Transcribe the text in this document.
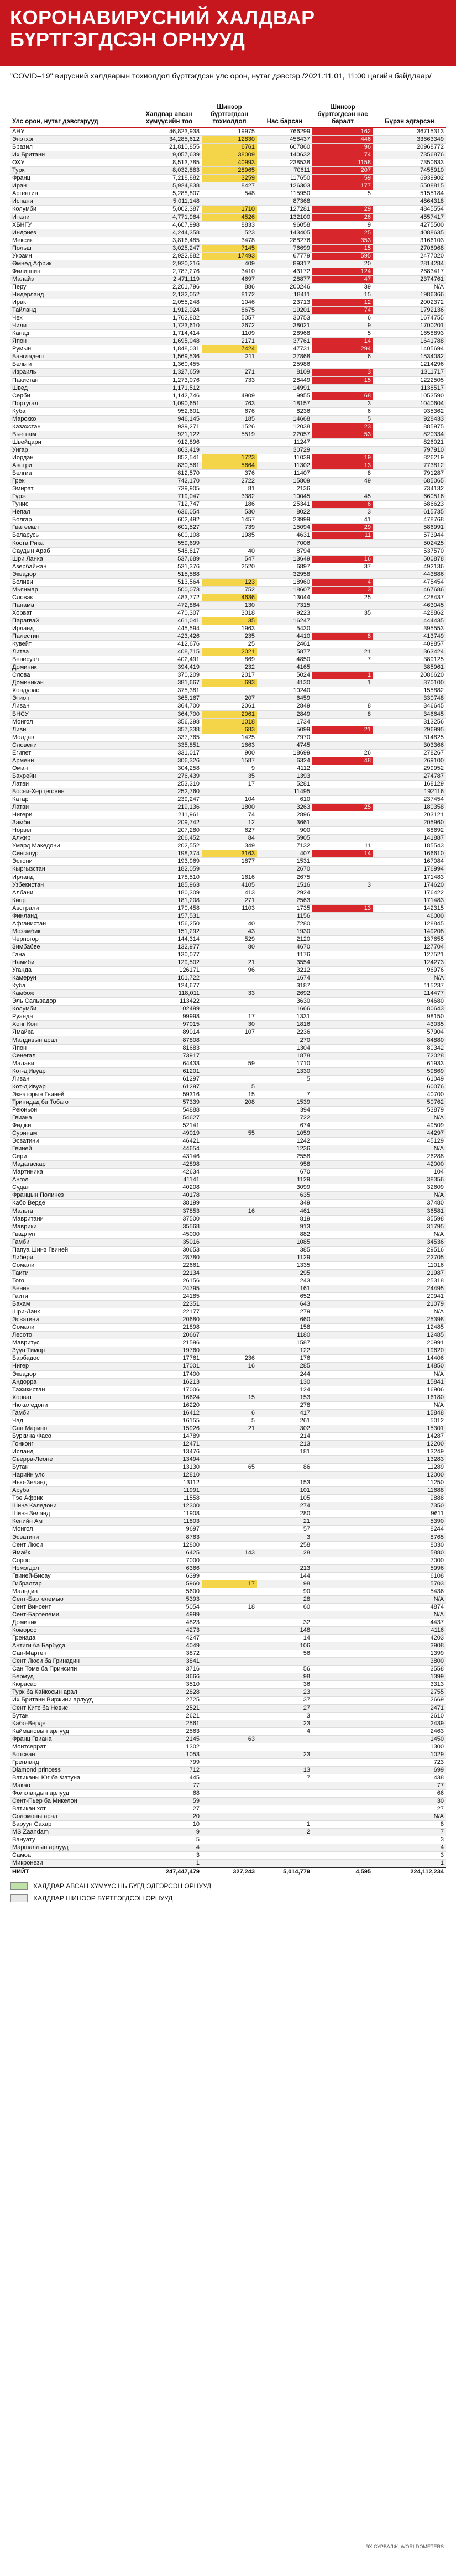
КОРОНАВИРУСНИЙ ХАЛДВАР
БҮРТГЭГДСЭН ОРНУУД
"COVID–19" вирусний халдварын тохиолдол бүртгэгдсэн улс орон, нутаг дэвсгэр /2021.11.01, 11:00 цагийн байдлаар/
Улс орон, нутаг дэвсгэрууд	Халдвар авсан хүмүүсийн тоо	Шинээр бүртгэгдсэн тохиолдол	Нас барсан	Шинээр бүртгэгдсэн нас баралт	Бүрэн эдгэрсэн
АНУ	46,823,938	19975	766299	162	36715313
Энэтхэг	34,285,612	12830	458437	446	33663349
Бразил	21,810,855	6761	607860	96	20968772
Их Британи	9,057,639	38009	140632	74	7356876
ОХУ	8,513,785	40993	238538	1158	7350633
Турк	8,032,883	28965	70611	207	7455910
Франц	7,218,882	3259	117650	59	6939902
Иран	5,924,838	8427	126303	177	5508815
Аргентин	5,288,807	548	115950	5	5155184
Испани	5,011,148		87368		4864318
Колумби	5,002,387	1710	127281	29	4845554
Итали	4,771,964	4526	132100	26	4557417
ХБНГУ	4,607,998	8833	96058	9	4275500
Индонез	4,244,358	523	143405	25	4088635
Мексик	3,816,485	3478	288276	353	3166103
Польш	3,025,247	7145	76699	15	2706968
Украин	2,922,882	17493	67779	595	2477020
Өмнөд Африк	2,920,216	409	89317	20	2814284
Филиппин	2,787,276	3410	43172	124	2683417
Малайз	2,471,119	4697	28877	47	2374761
Перу	2,201,796	886	200246	39	N/A
Нидерланд	2,132,052	8172	18411	15	1986366
Ирак	2,055,248	1046	23713	12	2002372
Тайланд	1,912,024	8675	19201	74	1792136
Чех	1,762,802	5057	30753	6	1674755
Чили	1,723,610	2672	38021	9	1700201
Канад	1,714,414	1109	28968	5	1658893
Япон	1,695,048	2171	37761	14	1641788
Румын	1,848,031	7424	47731	294	1405694
Бангладеш	1,569,536	211	27868	6	1534082
Бельги	1,360,455		25986		1214296
Израиль	1,327,659	271	8109	3	1311717
Пакистан	1,273,076	733	28449	15	1222505
Швед	1,171,512		14991		1138517
Серби	1,142,746	4909	9955	68	1053590
Португал	1,090,651	763	18157	3	1040604
Куба	952,601	676	8236	6	935362
Мароккo	946,145	185	14668	5	928433
Казахстан	939,271	1526	12038	23	885975
Вьетнам	921,122	5519	22057	53	820334
Швейцари	912,896		11247		826021
Унгар	863,419		30729		797910
Иордан	852,541	1723	11039	19	826219
Австри	830,561	5664	11302	13	773812
Белгиа	812,570	376	11407	8	791287
Грек	742,170	2722	15809	49	685065
Эмират	739,905	81	2136		734132
Гүрж	719,047	3382	10045	45	660516
Тунис	712,747	186	25341	6	686623
Непал	636,054	530	8022	3	615735
Болгар	602,492	1457	23999	41	478768
Гватемал	601,527	739	15094	29	586991
Беларусь	600,108	1985	4631	11	573944
Коста Рика	559,699		7006		502425
Саудын Араб	548,817	40	8794		537570
Шри Ланка	537,689	547	13649	16	500878
Азербайжан	531,376	2520	6897	37	492136
Эквадор	515,588		32958		443886
Боливи	513,564	123	18960	4	475454
Мьянмар	500,073	752	18607	3	467686
Словак	483,772	4636	13044	25	428437
Панама	472,864	130	7315		463045
Хорват	470,307	3018	9223	35	428862
Парагвай	461,041	35	16247		444435
Ирланд	445,594	1963	5430		395553
Палестин	423,426	235	4410	8	413749
Кувейт	412,676	25	2461		409857
Литва	408,715	2021	5877	21	363424
Венесуэл	402,491	869	4850	7	389125
Доминик	394,419	232	4165		385961
Слова	370,209	2017	5024	1	2086620
Доминикан	381,667	693	4130	1	370100
Хондурас	375,381		10240		155882
Этиоп	365,167	207	6459		330748
Ливан	364,700	2061	2849	8	346645
БНСУ	364,700	2061	2849	8	346645
Монгол	356,398	1018	1734		313256
Ливи	357,338	683	5099	21	296995
Молдав	337,765	1425	7970		314825
Словени	335,851	1663	4745		303366
Египет	331,017	900	18699	26	278267
Армени	306,326	1587	6324	48	269100
Оман	304,258	9	4112		299952
Бахрейн	276,439	35	1393		274787
Латви	253,310	17	5281		168129
Босни-Херцеговин	252,760		11495		192116
Катар	239,247	104	610		237454
Латви	219,136	1800	3263	25	180358
Нигери	211,961	74	2896		203121
Замби	209,742	12	3661		205960
Норвег	207,280	627	900		88692
Алжир	206,452	84	5905		141887
Умард Македони	202,552	349	7132	11	185543
Сингапур	198,374	3163	407	14	166610
Эстони	193,969	1877	1531		167084
Кыргызстан	182,059		2670		176994
Ирланд	178,510	1616	2675		171483
Узбекистан	185,963	4105	1516	3	174620
Албани	180,309	413	2924		176422
Кипр	181,208	271	2563		171483
Австрали	170,458	1103	1735	13	142315
Финланд	157,531		1156		46000
Афганистан	156,250	40	7280		128845
Мозамбик	151,292	43	1930		149208
Черногор	144,314	529	2120		137655
Зимбабве	132,977	80	4670		127704
Гана	130,077		1176		127521
Намиби	129,502	21	3554		124273
Угандa	126171	96	3212		96976
Камерун	101,722		1674		N/A
Куба	124,677		3187		115237
Камбож	118,011	33	2692		114477
Эль Сальвадор	113422		3630		94680
Колумби	102499		1666		80643
Руанда	99998	17	1331		98150
Хонг Конг	97015	30	1816		43035
Ямайка	89014	107	2236		57904
Малдивын арал	87808		270		84880
Япон	81683		1304		80342
Сенегал	73917		1878		72028
Малави	64433	59	1710		61933
Кот-д'Ивуар	61201		1330		59869
Ливан	61297		5		61049
Кот-д'Ивуар	61297	5			60076
Экваторын Гвиней	59316	15	7		40700
Тринидад ба Тобаго	57339	208	1539		50762
Реюньон	54888		394		53879
Гвиана	54627		722		N/A
Фиджи	52141		674		49509
Суринам	49019	55	1059		44297
Эсватини	46421		1242		45129
Гвиней	44654		1236		N/A
Сири	43146		2558		26288
Мадагаскар	42898		958		42000
Мартиника	42634		670		104
Ангол	41141		1129		38356
Судан	40208		3099		32609
Францын Полинез	40178		635		N/A
Кабо Верде	38199		349		37480
Мальта	37853	16	461		36581
Мавритани	37500		819		35598
Маврики	35568		913		31795
Гвадлуп	45000		882		N/A
Гамби	35016		1085		34536
Папуа Шинэ Гвиней	30653		385		29516
Либери	28780		1129		22705
Сомали	22661		1335		11016
Таити	22134		295		21987
Того	26156		243		25318
Бенин	24795		161		24495
Гаити	24185		652		20941
Бахам	22351		643		21079
Шри-Ланк	22177		279		N/A
Эсватини	20680		660		25398
Сомали	21898		158		12485
Лесото	20667		1180		12485
Мавритус	21596		1587		20991
Зүүн Тимор	19760		122		19620
Барбадос	17761	236	176		14406
Нигер	17001	16	285		14850
Эквадор	17400		244		N/A
Андорра	16213		130		15841
Тажикистан	17006		124		16906
Хорват	16624	15	153		16180
Нюкаледони	16220		278		N/A
Гамби	16412	6	417		15848
Чад	16155	5	261		5012
Сан Марино	15926	21	302		15301
Буркина Фасо	14789		214		14287
Гонконг	12471		213		12200
Исланд	13476		181		13249
Сьерра-Леоне	13494				13283
Бутан	13130	65	86		11289
Нарийн улс	12810				12000
Нью-Зеланд	13112		153		11250
Аруба	11991		101		11688
Тэе Африк	11558		105		9888
Шинэ Каледони	12300		274		7350
Шинэ Зеланд	11908		280		9611
Кенийн Ам	11803		21		5390
Монгол	9697		57		8244
Эсватини	8763		3		8765
Сент Люси	12800		258		8030
Ямайк	6425	143	28		5880
Сорос	7000				7000
Нэмэгдэл	6366		213		5996
Гвиней-Бисау	6399		144		6108
Гибралтар	5960	17	98		5703
Мальдив	5600		90		5436
Сент-Бартелемью	5393		28		N/A
Сент Винсент	5054	18	60		4874
Сент-Бартелеми	4999				N/A
Доминик	4823		32		4437
Коморос	4273		148		4116
Гренада	4247		14		4203
Антиги ба Барбуда	4049		106		3908
Сан-Мартен	3872		56		1399
Сент Люси ба Гринадин	3841				3800
Сан Томе ба Принсипи	3716		56		3558
Бермуд	3666		98		1399
Кюрасао	3510		36		3313
Турк ба Кайкосын арал	2828		23		2755
Их Британи Виржини арлууд	2725		37		2669
Сент Китс ба Невис	2521		27		2471
Бутан	2621		3		2610
Кабо-Верде	2561		23		2439
Каймановын арлууд	2563		4		2463
Франц Гвиана	2145	63			1450
Монтсеррат	1302				1300
Ботсван	1053		23		1029
Гренланд	799				723
Diamond princess	712		13		699
Ватиканы Юг ба Фатуна	445		7		438
Макао	77				77
Фолкландын арлууд	68				66
Сент-Пьер ба Микелон	59				30
Ватикан хот	27				27
Соломоны арал	20				N/A
Баруун Сахар	10		1		8
MS Zaandam	9		2		7
Вануату	5				3
Маршаллын арлууд	4				4
Самоа	3				3
Микронези	1				1
НИЙТ	247,447,479	327,243	5,014,779	4,595	224,112,234
ХАЛДВАР АВСАН ХҮМҮҮС НЬ БҮГД ЭДГЭРСЭН ОРНУУД
ХАЛДВАР ШИНЭЭР БҮРТГЭГДСЭН ОРНУУД
ЭХ СУРВАЛЖ: WORLDOMETERS
